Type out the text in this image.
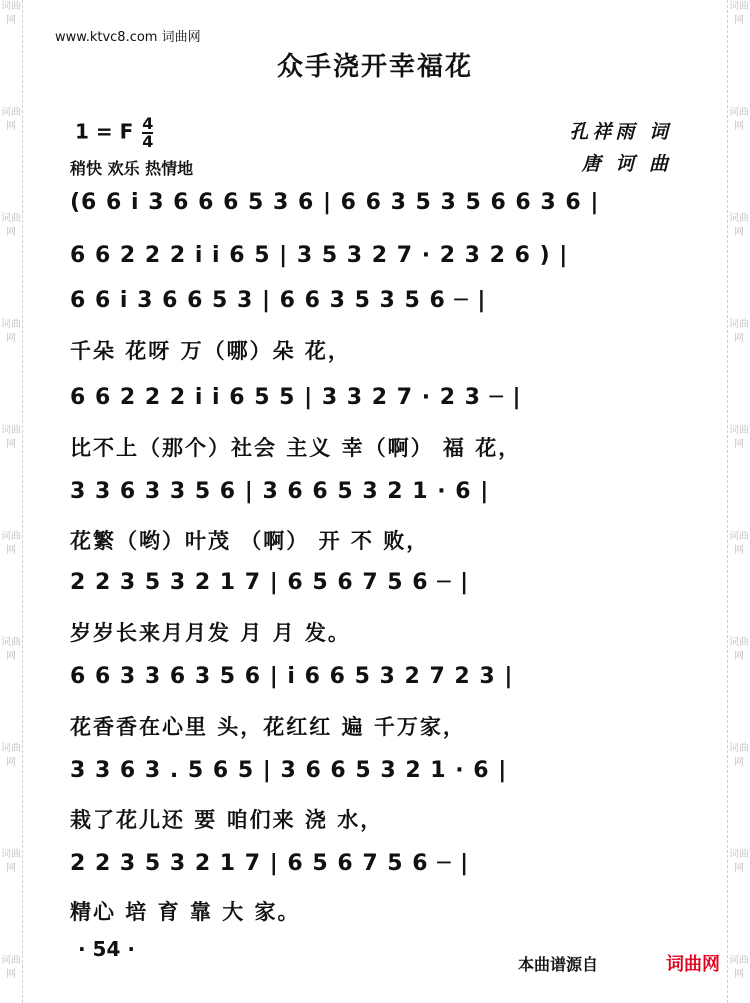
词曲网
词曲网
词曲网
词曲网
词曲网
词曲网
词曲网
词曲网
词曲网
词曲网
词曲网
词曲网
词曲网
词曲网
词曲网
词曲网
词曲网
词曲网
词曲网
词曲网
www.ktvc8.com 词曲网
众手浇开幸福花
1 = F $\frac{4}{4}$
稍快 欢乐 热情地
孔祥雨 词
唐 诃 曲
(6 6 i 3 6 6 6 5 3 6 | 6 6 3 5 3 5 6 6 3 6 |
6 6 2 2 2 i i 6 5 | 3 5 3 2 7 · 2 3 2 6 ) |
6 6 i 3 6 6 5 3 | 6 6 3 5 3 5 6 ─ |
千朵 花呀 万（哪）朵 花，
6 6 2 2 2 i i 6 5 5 | 3 3 2 7 · 2 3 ─ |
比不上（那个）社会 主义 幸（啊） 福 花，
3 3 6 3 3 5 6 | 3 6 6 5 3 2 1 · 6 |
花繁（哟）叶茂 （啊） 开 不 败，
2 2 3 5 3 2 1 7 | 6 5 6 7 5 6 ─ |
岁岁长来月月发 月 月 发。
6 6 3 3 6 3 5 6 | i 6 6 5 3 2 7 2 3 |
花香香在心里 头，花红红 遍 千万家，
3 3 6 3 . 5 6 5 | 3 6 6 5 3 2 1 · 6 |
栽了花儿还 要 咱们来 浇 水，
2 2 3 5 3 2 1 7 | 6 5 6 7 5 6 ─ |
精心 培 育 靠 大 家。
· 54 ·
本曲谱源自	词曲网
